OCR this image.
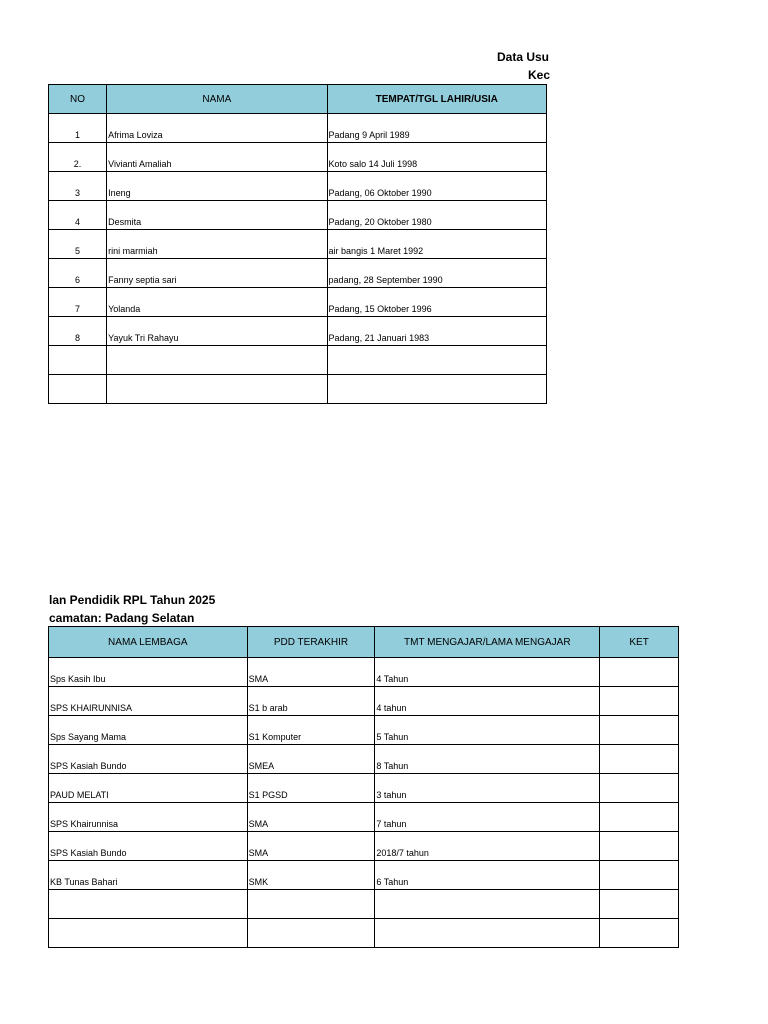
Data Usu
Kec
NO	NAMA	TEMPAT/TGL LAHIR/USIA
1	Afrima Loviza	Padang 9 April 1989
2.	Vivianti Amaliah	Koto salo 14 Juli 1998
3	Ineng	Padang, 06 Oktober 1990
4	Desmita	Padang, 20 Oktober 1980
5	rini marmiah	air bangis 1 Maret 1992
6	Fanny septia sari	padang, 28 September 1990
7	Yolanda	Padang, 15 Oktober 1996
8	Yayuk Tri Rahayu	Padang, 21 Januari 1983

lan Pendidik RPL Tahun 2025
camatan: Padang Selatan
NAMA LEMBAGA	PDD TERAKHIR	TMT MENGAJAR/LAMA MENGAJAR	KET
Sps Kasih Ibu	SMA	4 Tahun	
SPS KHAIRUNNISA	S1 b arab	4 tahun	
Sps Sayang Mama	S1 Komputer	5 Tahun	
SPS Kasiah Bundo	SMEA	8 Tahun	
PAUD MELATI	S1 PGSD	3 tahun	
SPS Khairunnisa	SMA	7 tahun	
SPS Kasiah Bundo	SMA	2018/7 tahun	
KB Tunas Bahari	SMK	6 Tahun	
